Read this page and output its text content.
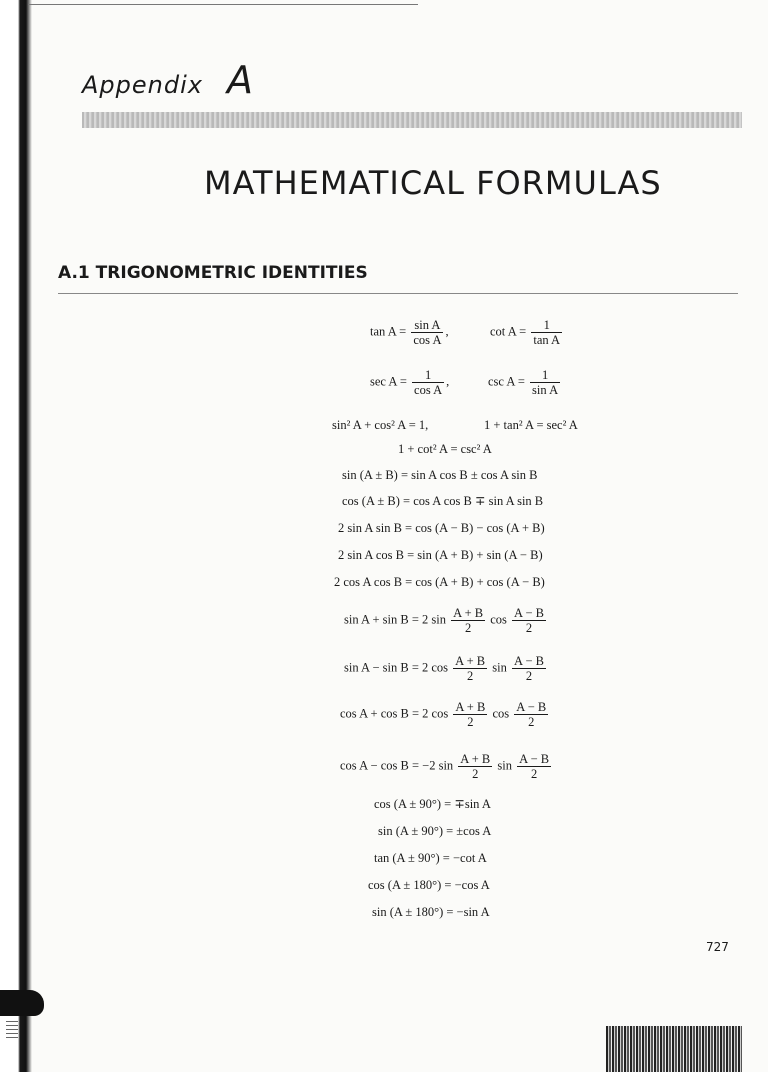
Appendix A
MATHEMATICAL FORMULAS
A.1 TRIGONOMETRIC IDENTITIES
$\tan A = \frac{\text{sin A}}{\text{cos A}}$ ,	$\cot A = \frac{1}{\text{tan A}}$
$\sec A = \frac{1}{\text{cos A}}$ ,	$\csc A = \frac{1}{\text{sin A}}$
sin² A + cos² A = 1,	1 + tan² A = sec² A
1 + cot² A = csc² A
sin (A ± B) = sin A cos B ± cos A sin B
cos (A ± B) = cos A cos B ∓ sin A sin B
2 sin A sin B = cos (A − B) − cos (A + B)
2 sin A cos B = sin (A + B) + sin (A − B)
2 cos A cos B = cos (A + B) + cos (A − B)
sin A + sin B = 2 $\sin \frac{A + B}{2}$ $\cos \frac{A - B}{2}$
sin A − sin B = 2 $\cos \frac{A + B}{2}$ $\sin \frac{A - B}{2}$
cos A + cos B = 2 $\cos \frac{A + B}{2}$ $\cos \frac{A - B}{2}$
cos A − cos B = −2 $\sin \frac{A + B}{2}$ $\sin \frac{A - B}{2}$
cos (A ± 90°) = ∓sin A
sin (A ± 90°) = ±cos A
tan (A ± 90°) = −cot A
cos (A ± 180°) = −cos A
sin (A ± 180°) = −sin A
727
